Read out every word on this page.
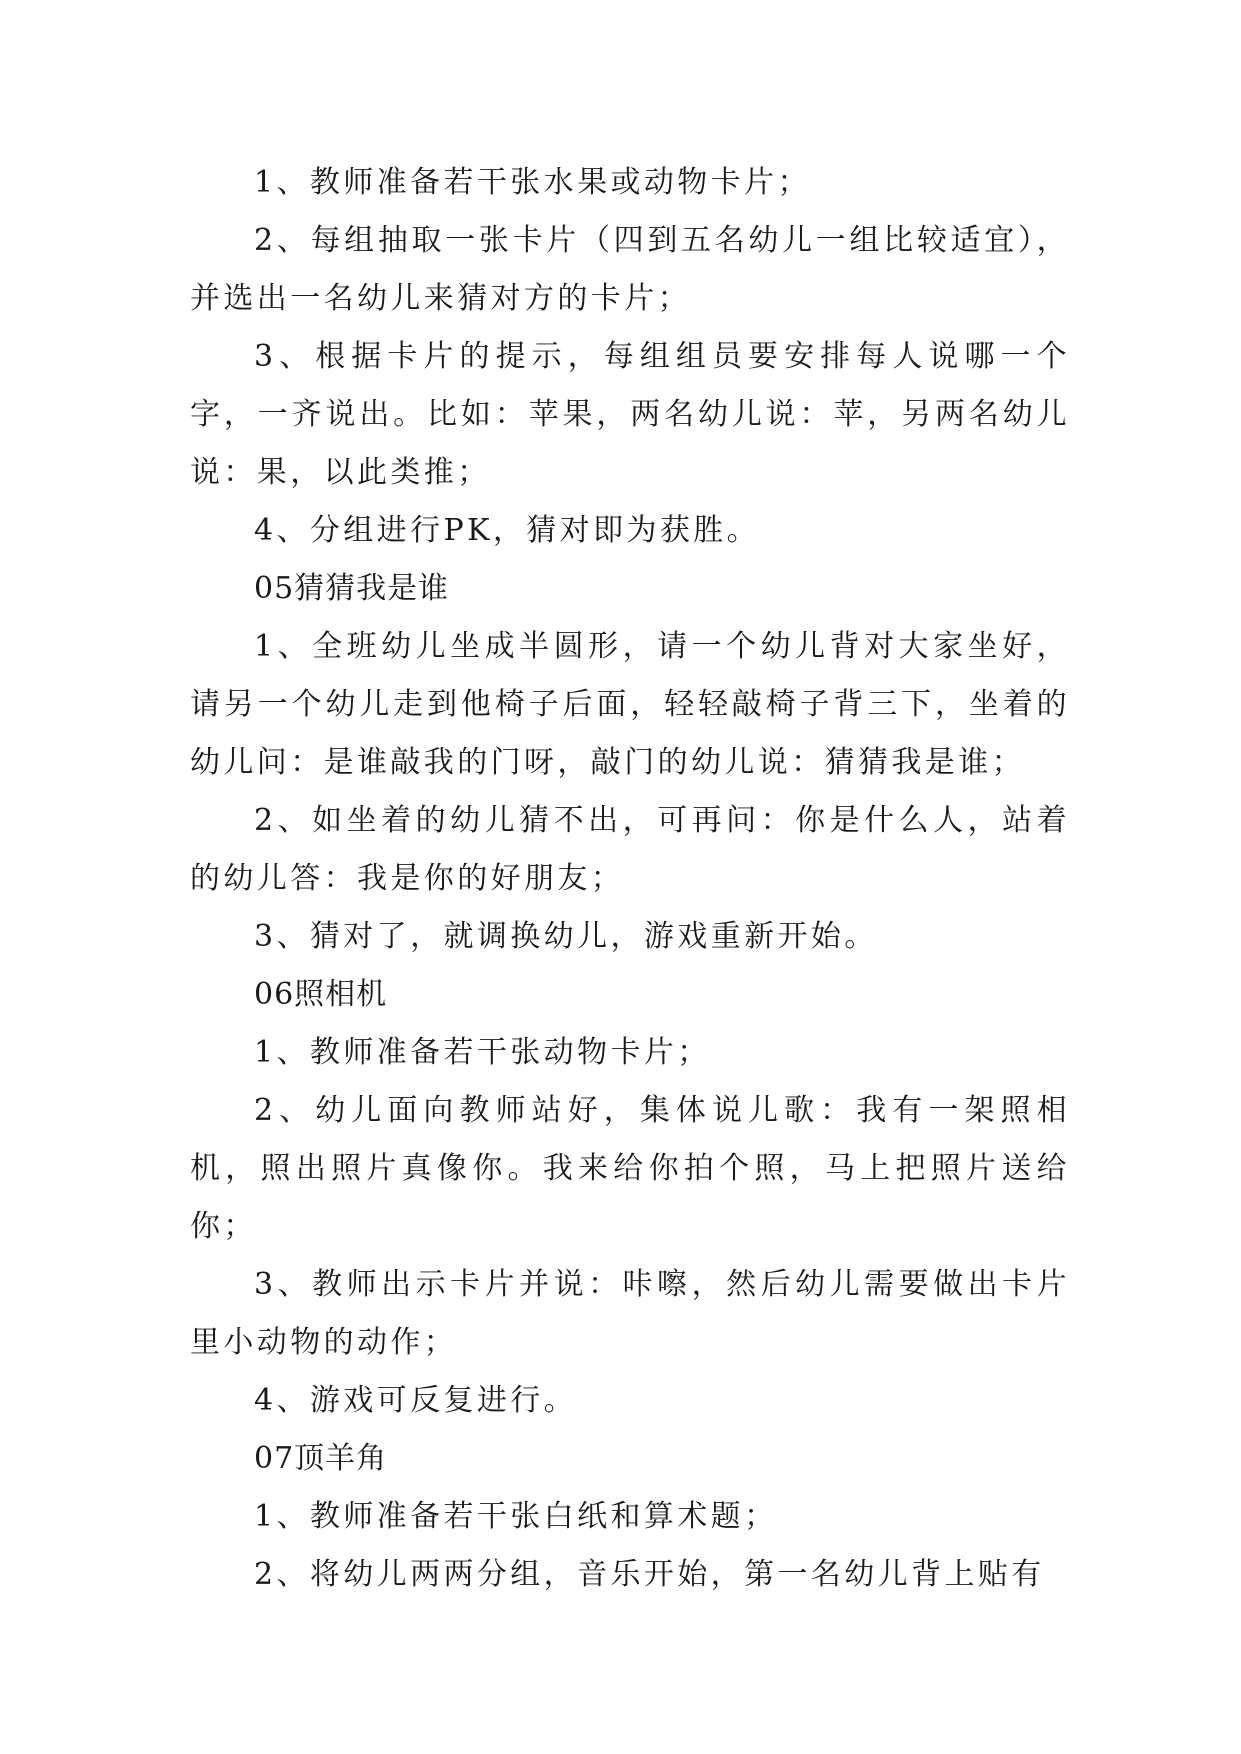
1、教师准备若干张水果或动物卡片；

2、每组抽取一张卡片（四到五名幼儿一组比较适宜），并选出一名幼儿来猜对方的卡片；

3、根据卡片的提示，每组组员要安排每人说哪一个字，一齐说出。比如：苹果，两名幼儿说：苹，另两名幼儿说：果，以此类推；

4、分组进行PK，猜对即为获胜。

05猜猜我是谁

1、全班幼儿坐成半圆形，请一个幼儿背对大家坐好，请另一个幼儿走到他椅子后面，轻轻敲椅子背三下，坐着的幼儿问：是谁敲我的门呀，敲门的幼儿说：猜猜我是谁；

2、如坐着的幼儿猜不出，可再问：你是什么人，站着的幼儿答：我是你的好朋友；

3、猜对了，就调换幼儿，游戏重新开始。

06照相机

1、教师准备若干张动物卡片；

2、幼儿面向教师站好，集体说儿歌：我有一架照相机，照出照片真像你。我来给你拍个照，马上把照片送给你；

3、教师出示卡片并说：咔嚓，然后幼儿需要做出卡片里小动物的动作；

4、游戏可反复进行。

07顶羊角

1、教师准备若干张白纸和算术题；

2、将幼儿两两分组，音乐开始，第一名幼儿背上贴有
